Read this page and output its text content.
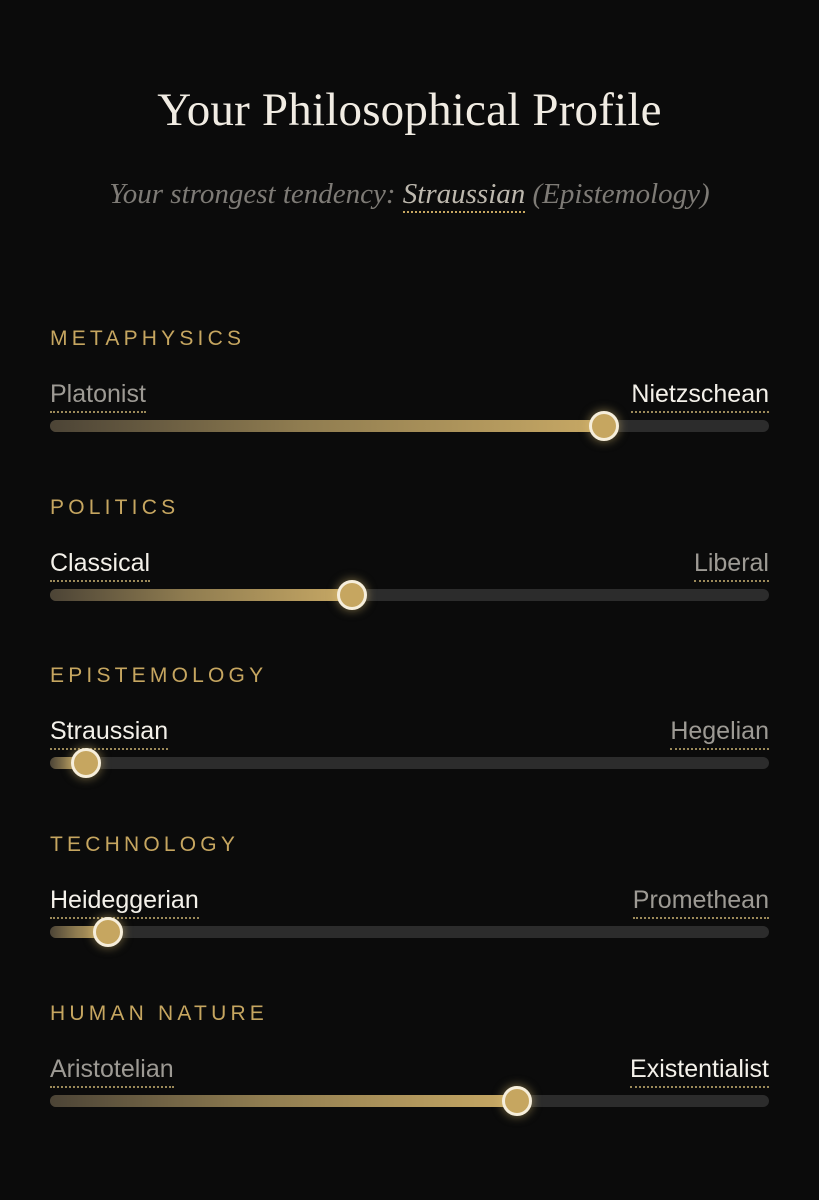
Your Philosophical Profile
Your strongest tendency: Straussian (Epistemology)
METAPHYSICS
Platonist	Nietzschean
POLITICS
Classical	Liberal
EPISTEMOLOGY
Straussian	Hegelian
TECHNOLOGY
Heideggerian	Promethean
HUMAN NATURE
Aristotelian	Existentialist
